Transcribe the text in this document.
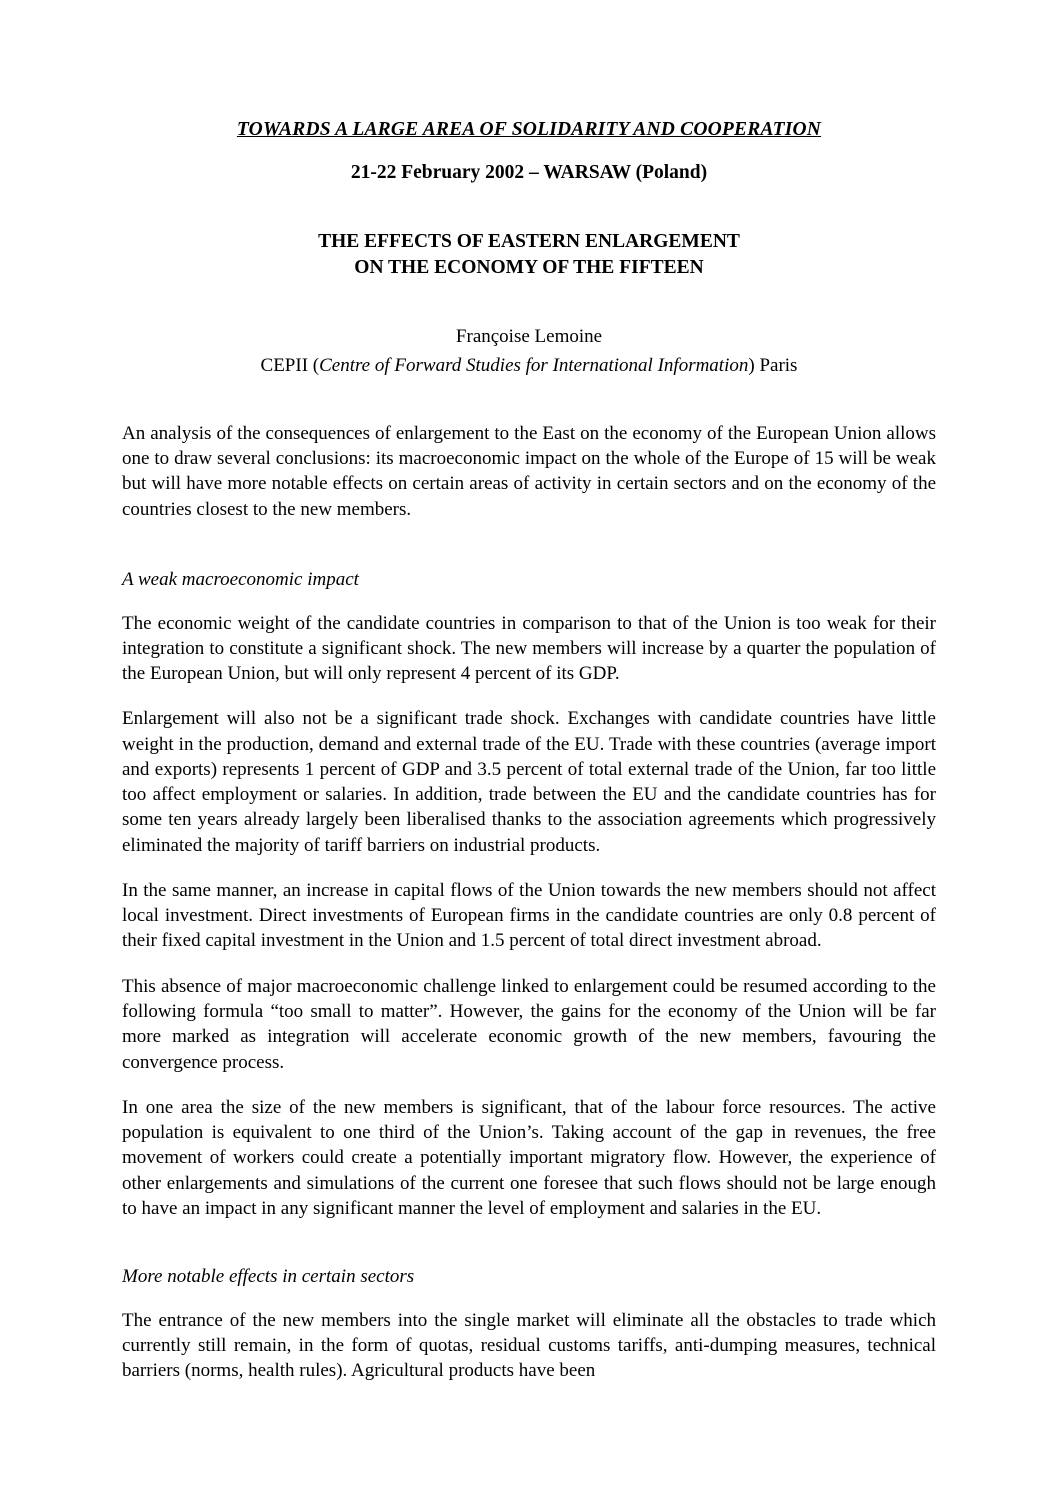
TOWARDS A LARGE AREA OF SOLIDARITY AND COOPERATION
21-22 February 2002 – WARSAW (Poland)
THE EFFECTS OF EASTERN ENLARGEMENT
ON THE ECONOMY OF THE FIFTEEN
Françoise Lemoine
CEPII (Centre of Forward Studies for International Information) Paris

An analysis of the consequences of enlargement to the East on the economy of the European Union allows one to draw several conclusions: its macroeconomic impact on the whole of the Europe of 15 will be weak but will have more notable effects on certain areas of activity in certain sectors and on the economy of the countries closest to the new members.

A weak macroeconomic impact

The economic weight of the candidate countries in comparison to that of the Union is too weak for their integration to constitute a significant shock. The new members will increase by a quarter the population of the European Union, but will only represent 4 percent of its GDP.

Enlargement will also not be a significant trade shock. Exchanges with candidate countries have little weight in the production, demand and external trade of the EU. Trade with these countries (average import and exports) represents 1 percent of GDP and 3.5 percent of total external trade of the Union, far too little too affect employment or salaries. In addition, trade between the EU and the candidate countries has for some ten years already largely been liberalised thanks to the association agreements which progressively eliminated the majority of tariff barriers on industrial products.

In the same manner, an increase in capital flows of the Union towards the new members should not affect local investment. Direct investments of European firms in the candidate countries are only 0.8 percent of their fixed capital investment in the Union and 1.5 percent of total direct investment abroad.

This absence of major macroeconomic challenge linked to enlargement could be resumed according to the following formula “too small to matter”. However, the gains for the economy of the Union will be far more marked as integration will accelerate economic growth of the new members, favouring the convergence process.

In one area the size of the new members is significant, that of the labour force resources. The active population is equivalent to one third of the Union’s. Taking account of the gap in revenues, the free movement of workers could create a potentially important migratory flow. However, the experience of other enlargements and simulations of the current one foresee that such flows should not be large enough to have an impact in any significant manner the level of employment and salaries in the EU.

More notable effects in certain sectors

The entrance of the new members into the single market will eliminate all the obstacles to trade which currently still remain, in the form of quotas, residual customs tariffs, anti-dumping measures, technical barriers (norms, health rules). Agricultural products have been
